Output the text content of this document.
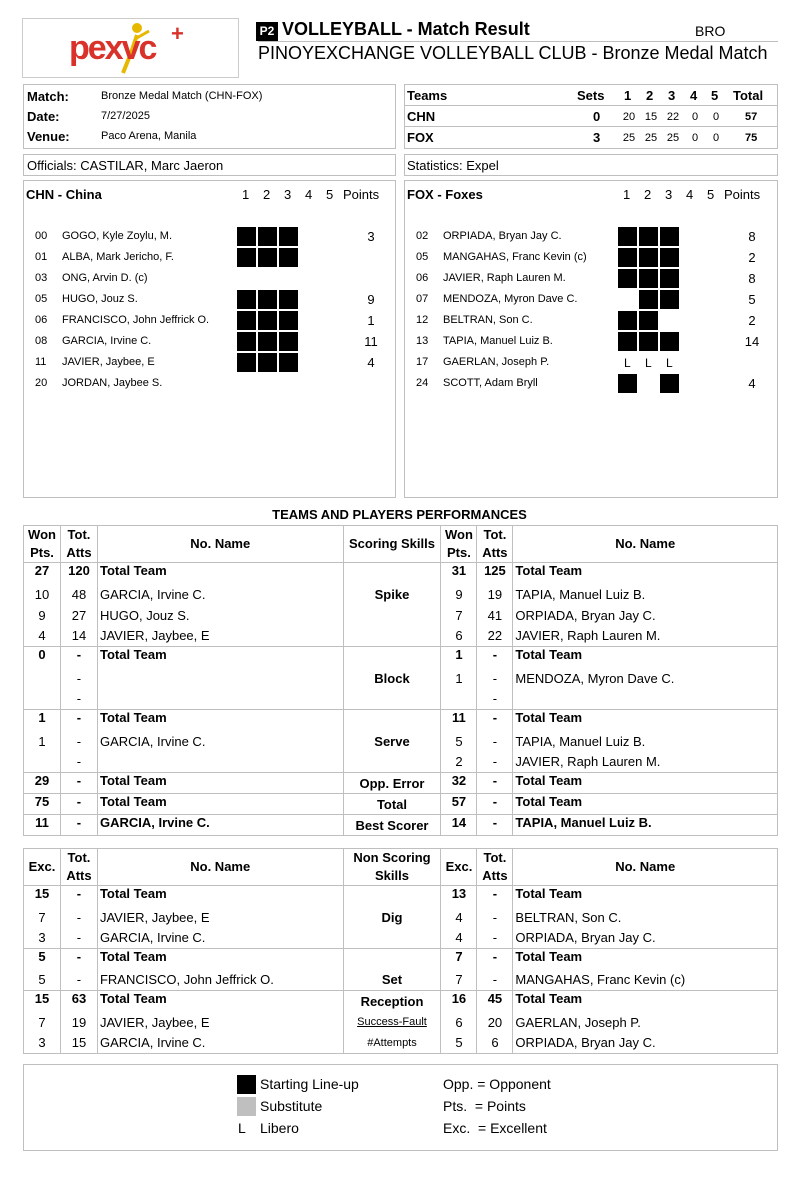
pexvc +	P2 VOLLEYBALL - Match Result	BRO
PINOYEXCHANGE VOLLEYBALL CLUB - Bronze Medal Match
Match:	Bronze Medal Match (CHN-FOX)
Date:	7/27/2025
Venue:	Paco Arena, Manila
Teams	Sets 1 2 3 4 5 Total
CHN	0 20 15 22	0	0	57
FOX	3 25 25 25	0	0	75
Officials: CASTILAR, Marc Jaeron	Statistics: Expel
CHN - China	1 2 3 4 5 Points
00 GOGO, Kyle Zoylu, M.	3
01 ALBA, Mark Jericho, F.
03 ONG, Arvin D. (c)
05 HUGO, Jouz S.	9
06 FRANCISCO, John Jeffrick O.	1
08 GARCIA, Irvine C.	11
11 JAVIER, Jaybee, E	4
20 JORDAN, Jaybee S.
FOX - Foxes	1 2 3 4 5 Points
02 ORPIADA, Bryan Jay C.	8
05 MANGAHAS, Franc Kevin (c)	2
06 JAVIER, Raph Lauren M.	8
07 MENDOZA, Myron Dave C.	5
12 BELTRAN, Son C.	2
13 TAPIA, Manuel Luiz B.	14
17 GAERLAN, Joseph P.	L L L
24 SCOTT, Adam Bryll	4
TEAMS AND PLAYERS PERFORMANCES
Won Pts.	Tot. Atts	No. Name	Scoring Skills	Won Pts.	Tot. Atts	No. Name
27	120	Total Team		31	125	Total Team
10	48	GARCIA, Irvine C.	Spike	9	19	TAPIA, Manuel Luiz B.
9	27	HUGO, Jouz S.		7	41	ORPIADA, Bryan Jay C.
4	14	JAVIER, Jaybee, E		6	22	JAVIER, Raph Lauren M.
0	-	Total Team		1	-	Total Team
	-		Block	1	-	MENDOZA, Myron Dave C.
	-				-	
1	-	Total Team		11	-	Total Team
1	-	GARCIA, Irvine C.	Serve	5	-	TAPIA, Manuel Luiz B.
	-			2	-	JAVIER, Raph Lauren M.
29	-	Total Team	Opp. Error	32	-	Total Team
75	-	Total Team	Total	57	-	Total Team
11	-	GARCIA, Irvine C.	Best Scorer	14	-	TAPIA, Manuel Luiz B.
Exc.	Tot. Atts	No. Name	Non Scoring Skills	Exc.	Tot. Atts	No. Name
15	-	Total Team		13	-	Total Team
7	-	JAVIER, Jaybee, E	Dig	4	-	BELTRAN, Son C.
3	-	GARCIA, Irvine C.		4	-	ORPIADA, Bryan Jay C.
5	-	Total Team		7	-	Total Team
5	-	FRANCISCO, John Jeffrick O.	Set	7	-	MANGAHAS, Franc Kevin (c)
15	63	Total Team	Reception	16	45	Total Team
7	19	JAVIER, Jaybee, E	Success-Fault	6	20	GAERLAN, Joseph P.
3	15	GARCIA, Irvine C.	#Attempts	5	6	ORPIADA, Bryan Jay C.
Starting Line-up
Substitute
L Libero
Opp. = Opponent
Pts.  = Points
Exc.  = Excellent
